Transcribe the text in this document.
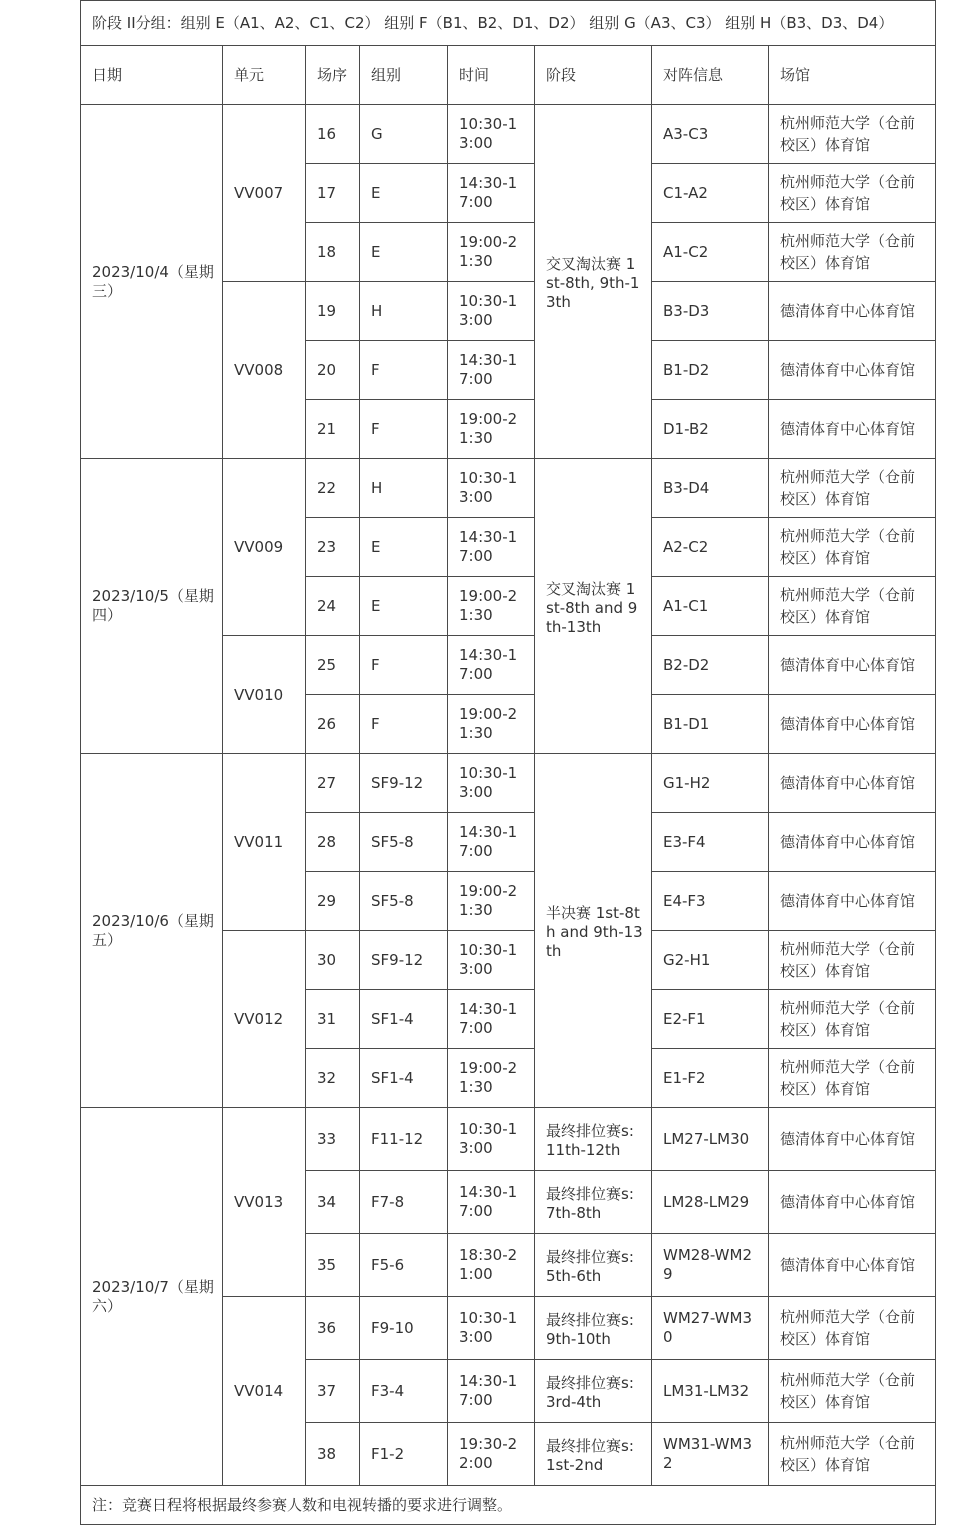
阶段 II分组：组别 E（A1、A2、C1、C2） 组别 F（B1、B2、D1、D2） 组别 G（A3、C3） 组别 H（B3、D3、D4）							
日期	单元	场序	组别	时间	阶段	对阵信息	场馆
2023/10/4（星期三）	VV007	16	G	10:30-13:00	交叉淘汰赛 1st-8th, 9th-13th	A3-C3	杭州师范大学（仓前校区）体育馆
		17	E	14:30-17:00		C1-A2	杭州师范大学（仓前校区）体育馆
		18	E	19:00-21:30		A1-C2	杭州师范大学（仓前校区）体育馆
	VV008	19	H	10:30-13:00		B3-D3	德清体育中心体育馆
		20	F	14:30-17:00		B1-D2	德清体育中心体育馆
		21	F	19:00-21:30		D1-B2	德清体育中心体育馆
2023/10/5（星期四）	VV009	22	H	10:30-13:00	交叉淘汰赛 1st-8th and 9th-13th	B3-D4	杭州师范大学（仓前校区）体育馆
		23	E	14:30-17:00		A2-C2	杭州师范大学（仓前校区）体育馆
		24	E	19:00-21:30		A1-C1	杭州师范大学（仓前校区）体育馆
	VV010	25	F	14:30-17:00		B2-D2	德清体育中心体育馆
		26	F	19:00-21:30		B1-D1	德清体育中心体育馆
2023/10/6（星期五）	VV011	27	SF9-12	10:30-13:00	半决赛 1st-8th and 9th-13th	G1-H2	德清体育中心体育馆
		28	SF5-8	14:30-17:00		E3-F4	德清体育中心体育馆
		29	SF5-8	19:00-21:30		E4-F3	德清体育中心体育馆
	VV012	30	SF9-12	10:30-13:00		G2-H1	杭州师范大学（仓前校区）体育馆
		31	SF1-4	14:30-17:00		E2-F1	杭州师范大学（仓前校区）体育馆
		32	SF1-4	19:00-21:30		E1-F2	杭州师范大学（仓前校区）体育馆
2023/10/7（星期六）	VV013	33	F11-12	10:30-13:00	最终排位赛s:11th-12th	LM27-LM30	德清体育中心体育馆
		34	F7-8	14:30-17:00	最终排位赛s:7th-8th	LM28-LM29	德清体育中心体育馆
		35	F5-6	18:30-21:00	最终排位赛s:5th-6th	WM28-WM29	德清体育中心体育馆
	VV014	36	F9-10	10:30-13:00	最终排位赛s:9th-10th	WM27-WM30	杭州师范大学（仓前校区）体育馆
		37	F3-4	14:30-17:00	最终排位赛s:3rd-4th	LM31-LM32	杭州师范大学（仓前校区）体育馆
		38	F1-2	19:30-22:00	最终排位赛s:1st-2nd	WM31-WM32	杭州师范大学（仓前校区）体育馆
注：竞赛日程将根据最终参赛人数和电视转播的要求进行调整。							
